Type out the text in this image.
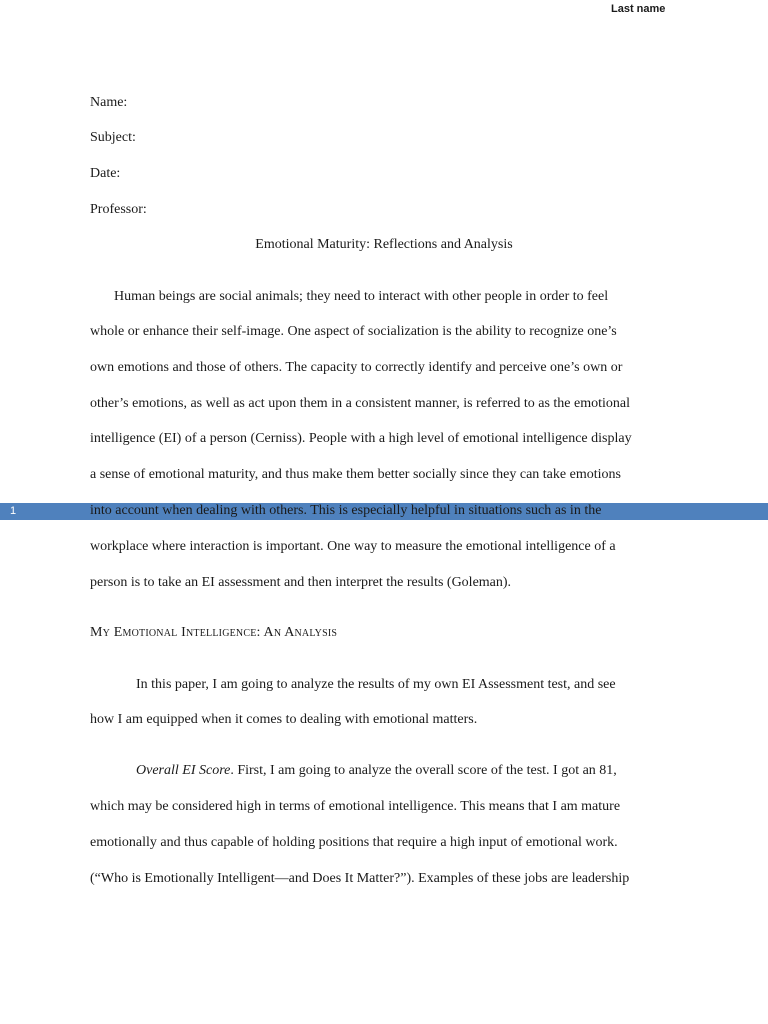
Name:
Subject:
Date:
Professor:
Emotional Maturity: Reflections and Analysis
Human beings are social animals; they need to interact with other people in order to feel
whole or enhance their self-image. One aspect of socialization is the ability to recognize one’s
own emotions and those of others. The capacity to correctly identify and perceive one’s own or
other’s emotions, as well as act upon them in a consistent manner, is referred to as the emotional
intelligence (EI) of a person (Cerniss). People with a high level of emotional intelligence display
a sense of emotional maturity, and thus make them better socially since they can take emotions
1	into account when dealing with others. This is especially helpful in situations such as in the
Last name
workplace where interaction is important. One way to measure the emotional intelligence of a
person is to take an EI assessment and then interpret the results (Goleman).
My Emotional Intelligence: An Analysis
In this paper, I am going to analyze the results of my own EI Assessment test, and see
how I am equipped when it comes to dealing with emotional matters.
Overall EI Score. First, I am going to analyze the overall score of the test. I got an 81,
which may be considered high in terms of emotional intelligence. This means that I am mature
emotionally and thus capable of holding positions that require a high input of emotional work.
(“Who is Emotionally Intelligent—and Does It Matter?”). Examples of these jobs are leadership
